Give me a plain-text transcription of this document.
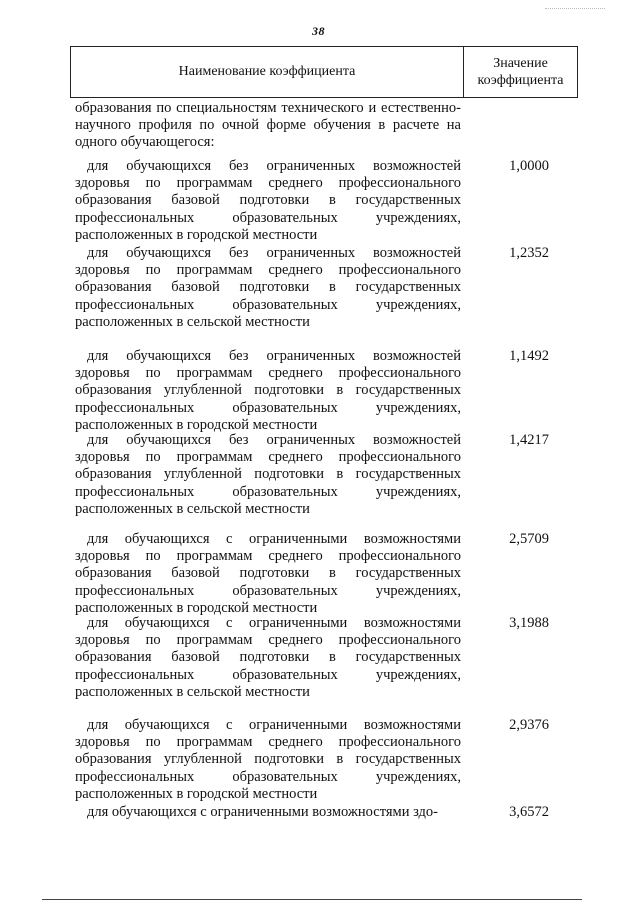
38
Наименование коэффициента
Значение
коэффициента

образования по специальностям технического и естественно-научного профиля по очной форме обучения в расчете на одного обучающегося:

для обучающихся без ограниченных возможностей здоровья по программам среднего профессионального образования базовой подготовки в государственных профессиональных образовательных учреждениях, расположенных в городской местности
1,0000
для обучающихся без ограниченных возможностей здоровья по программам среднего профессионального образования базовой подготовки в государственных профессиональных образовательных учреждениях, расположенных в сельской местности
1,2352
для обучающихся без ограниченных возможностей здоровья по программам среднего профессионального образования углубленной подготовки в государственных профессиональных образовательных учреждениях, расположенных в городской местности
1,1492
для обучающихся без ограниченных возможностей здоровья по программам среднего профессионального образования углубленной подготовки в государственных профессиональных образовательных учреждениях, расположенных в сельской местности
1,4217
для обучающихся с ограниченными возможностями здоровья по программам среднего профессионального образования базовой подготовки в государственных профессиональных образовательных учреждениях, расположенных в городской местности
2,5709
для обучающихся с ограниченными возможностями здоровья по программам среднего профессионального образования базовой подготовки в государственных профессиональных образовательных учреждениях, расположенных в сельской местности
3,1988
для обучающихся с ограниченными возможностями здоровья по программам среднего профессионального образования углубленной подготовки в государственных профессиональных образовательных учреждениях, расположенных в городской местности
2,9376
для обучающихся с ограниченными возможностями здо-	3,6572
